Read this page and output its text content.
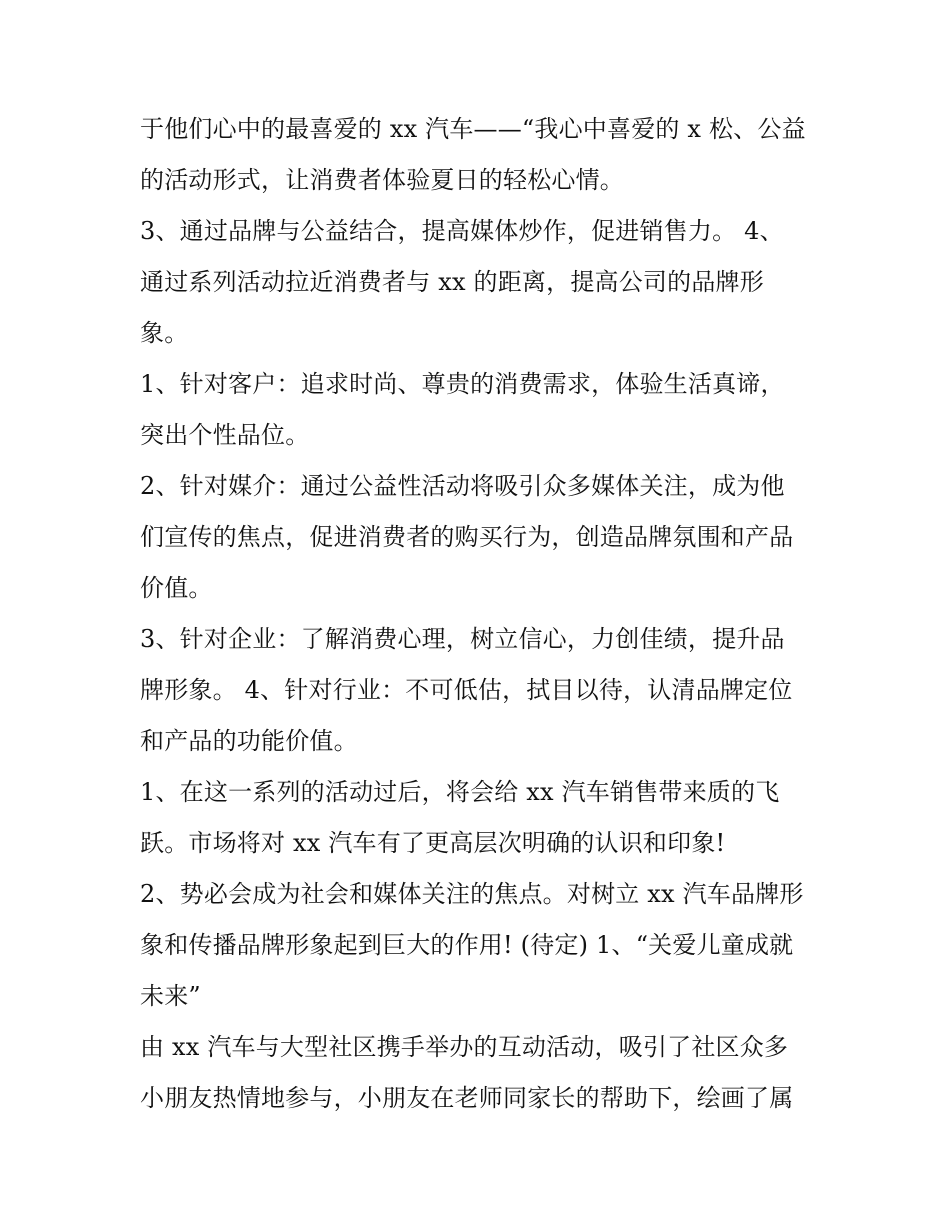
于他们心中的最喜爱的 xx 汽车——“我心中喜爱的 x 松、公益
的活动形式，让消费者体验夏日的轻松心情。
3、通过品牌与公益结合，提高媒体炒作，促进销售力。 4、
通过系列活动拉近消费者与 xx 的距离，提高公司的品牌形
象。
1、针对客户：追求时尚、尊贵的消费需求，体验生活真谛，
突出个性品位。
2、针对媒介：通过公益性活动将吸引众多媒体关注，成为他
们宣传的焦点，促进消费者的购买行为，创造品牌氛围和产品
价值。
3、针对企业：了解消费心理，树立信心，力创佳绩，提升品
牌形象。 4、针对行业：不可低估，拭目以待，认清品牌定位
和产品的功能价值。
1、在这一系列的活动过后，将会给 xx 汽车销售带来质的飞
跃。市场将对 xx 汽车有了更高层次明确的认识和印象!
2、势必会成为社会和媒体关注的焦点。对树立 xx 汽车品牌形
象和传播品牌形象起到巨大的作用! (待定) 1、“关爱儿童成就
未来”
由 xx 汽车与大型社区携手举办的互动活动，吸引了社区众多
小朋友热情地参与，小朋友在老师同家长的帮助下，绘画了属
